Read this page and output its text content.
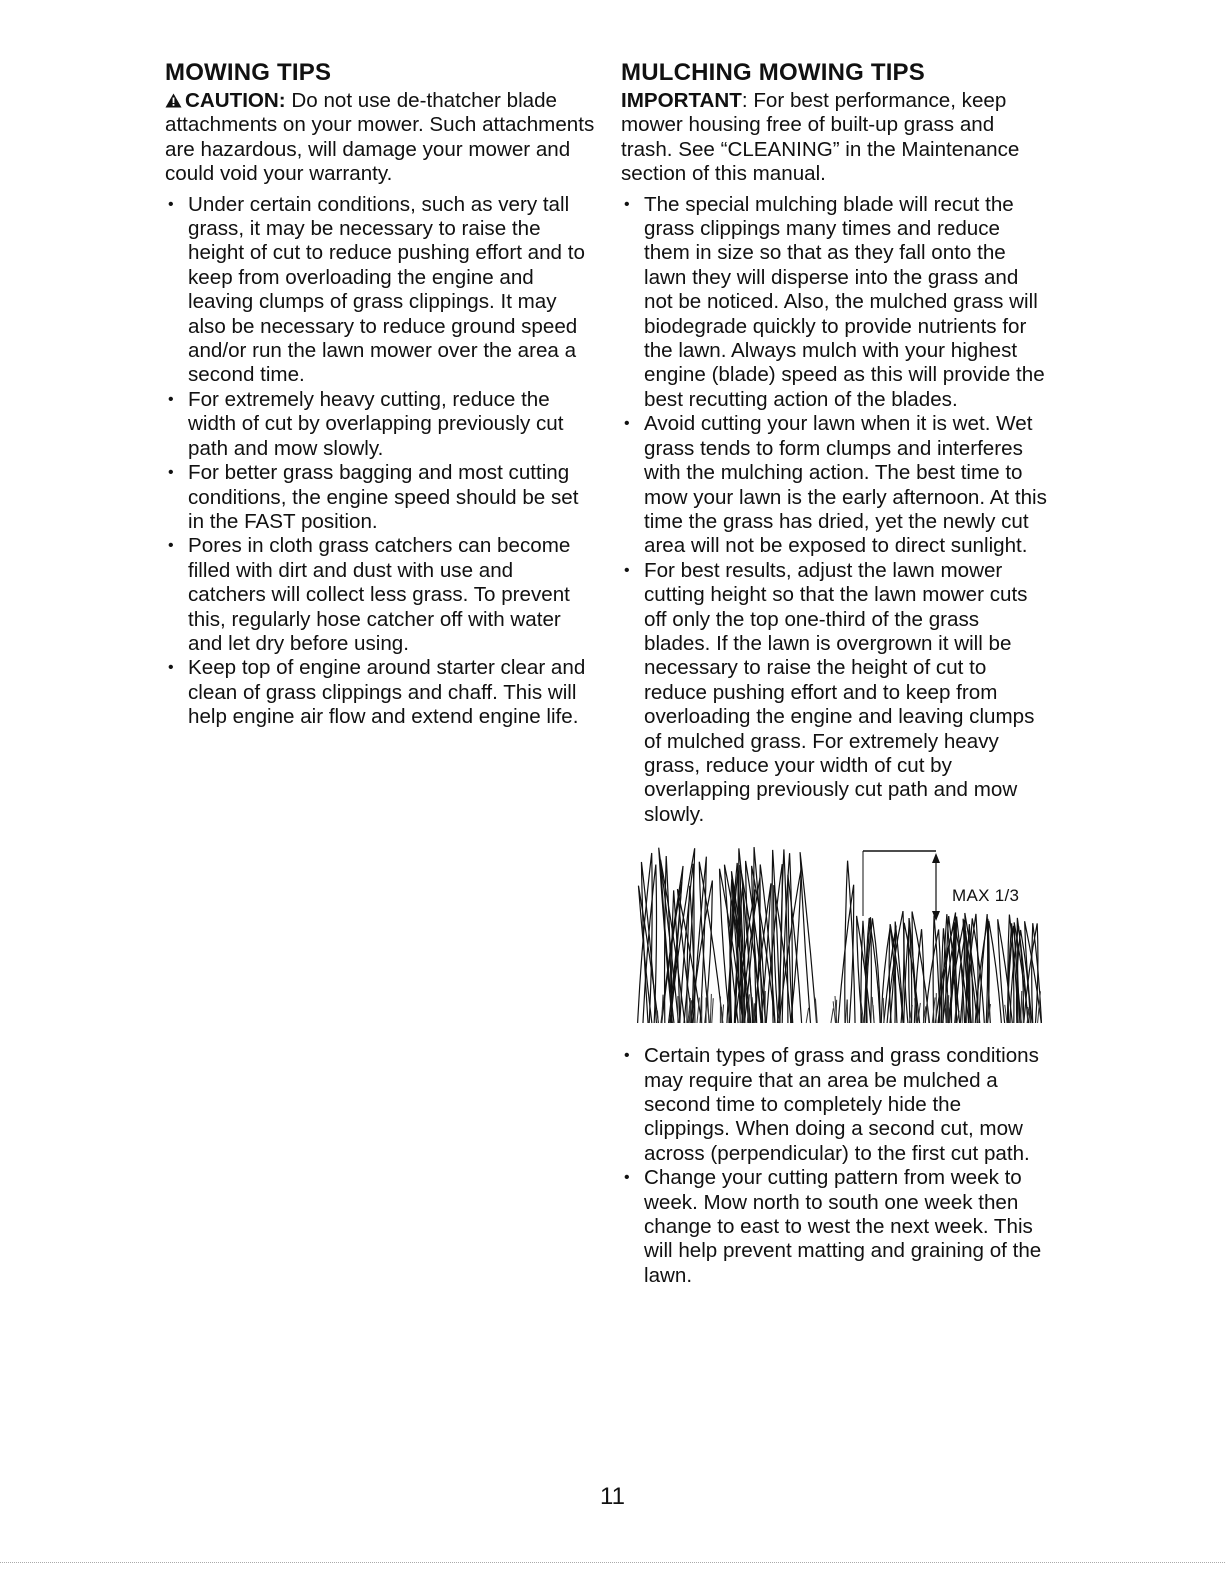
MOWING TIPS

CAUTION: Do not use de-thatcher blade attachments on your mower. Such attachments are hazardous, will damage your mower and could void your warranty.

• Under certain conditions, such as very tall grass, it may be necessary to raise the height of cut to reduce pushing effort and to keep from overloading the engine and leaving clumps of grass clippings. It may also be necessary to reduce ground speed and/or run the lawn mower over the area a second time.
• For extremely heavy cutting, reduce the width of cut by overlapping previously cut path and mow slowly.
• For better grass bagging and most cutting conditions, the engine speed should be set in the FAST position.
• Pores in cloth grass catchers can become filled with dirt and dust with use and catchers will collect less grass. To prevent this, regularly hose catcher off with water and let dry before using.
• Keep top of engine around starter clear and clean of grass clippings and chaff. This will help engine air flow and extend engine life.
MULCHING MOWING TIPS

IMPORTANT: For best performance, keep mower housing free of built-up grass and trash. See “CLEANING” in the Maintenance section of this manual.

• The special mulching blade will recut the grass clippings many times and reduce them in size so that as they fall onto the lawn they will disperse into the grass and not be noticed. Also, the mulched grass will biodegrade quickly to provide nutrients for the lawn. Always mulch with your highest engine (blade) speed as this will provide the best recutting action of the blades.
• Avoid cutting your lawn when it is wet. Wet grass tends to form clumps and interferes with the mulching action. The best time to mow your lawn is the early afternoon. At this time the grass has dried, yet the newly cut area will not be exposed to direct sunlight.
• For best results, adjust the lawn mower cutting height so that the lawn mower cuts off only the top one-third of the grass blades. If the lawn is overgrown it will be necessary to raise the height of cut to reduce pushing effort and to keep from overloading the engine and leaving clumps of mulched grass. For extremely heavy grass, reduce your width of cut by overlapping previously cut path and mow slowly.
MAX 1/3
• Certain types of grass and grass conditions may require that an area be mulched a second time to completely hide the clippings. When doing a second cut, mow across (perpendicular) to the first cut path.
• Change your cutting pattern from week to week. Mow north to south one week then change to east to west the next week. This will help prevent matting and graining of the lawn.
11
